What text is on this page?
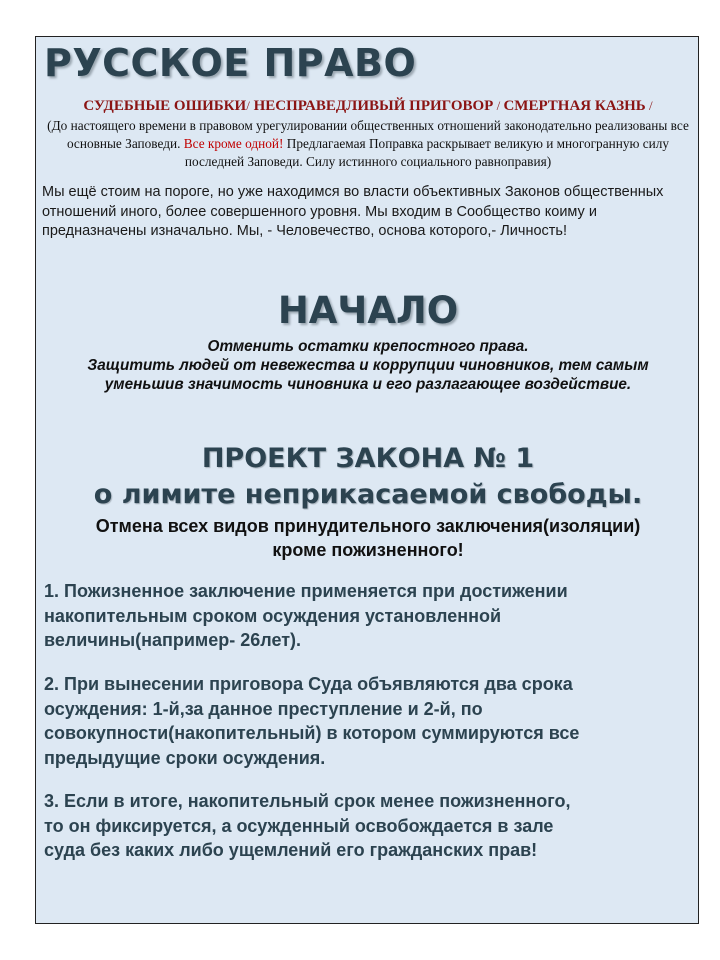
РУССКОЕ ПРАВО
СУДЕБНЫЕ ОШИБКИ/ НЕСПРАВЕДЛИВЫЙ ПРИГОВОР / СМЕРТНАЯ КАЗНЬ /
(До настоящего времени в правовом урегулировании общественных отношений законодательно реализованы все основные Заповеди. Все кроме одной! Предлагаемая Поправка раскрывает великую и многогранную силу последней Заповеди. Силу истинного социального равноправия)

Мы ещё стоим на пороге, но уже находимся во власти объективных Законов общественных отношений иного, более совершенного уровня. Мы входим в Сообщество коиму и предназначены изначально. Мы, - Человечество, основа которого,- Личность!

НАЧАЛО
Отменить остатки крепостного права.
Защитить людей от невежества и коррупции чиновников, тем самым
уменьшив значимость чиновника и его разлагающее воздействие.
ПРОЕКТ ЗАКОНА № 1
о лимите неприкасаемой свободы.
Отмена всех видов принудительного заключения(изоляции)
кроме пожизненного!
1. Пожизненное заключение применяется при достижении
накопительным сроком осуждения установленной
величины(например- 26лет).
2. При вынесении приговора Суда объявляются два срока
осуждения: 1-й,за данное преступление и 2-й, по
совокупности(накопительный) в котором суммируются все
предыдущие сроки осуждения.
3. Если в итоге, накопительный срок менее пожизненного,
то он фиксируется, а осужденный освобождается в зале
суда без каких либо ущемлений его гражданских прав!
